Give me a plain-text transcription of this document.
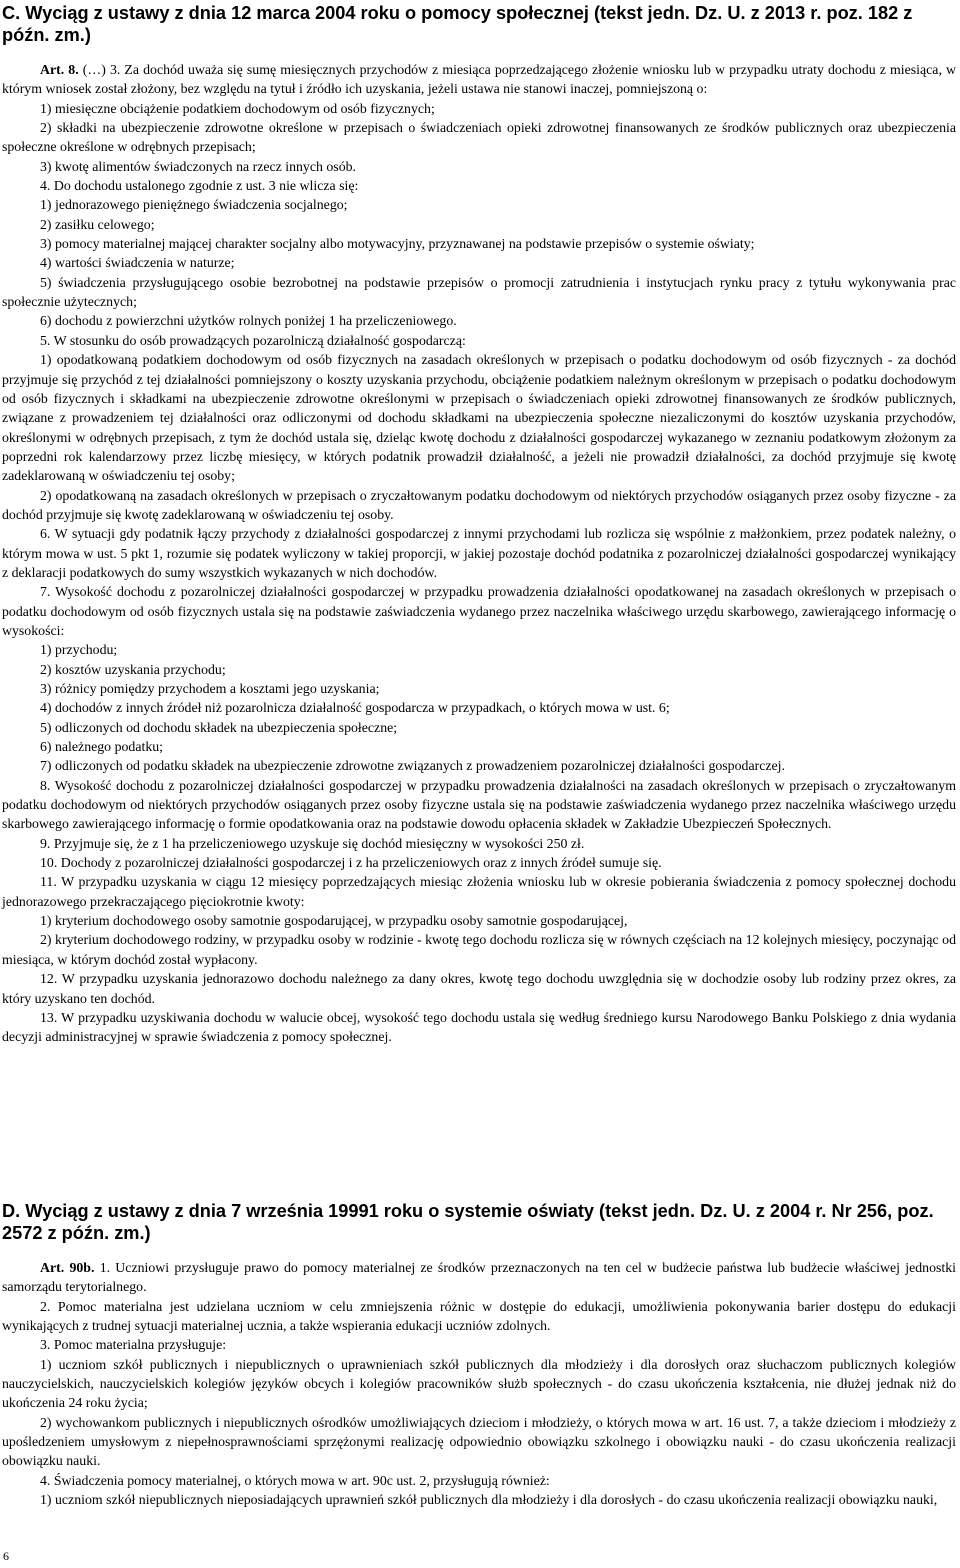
C. Wyciąg z ustawy z dnia 12 marca 2004 roku o pomocy społecznej (tekst jedn. Dz. U. z 2013 r. poz. 182 z późn. zm.)

Art. 8. (…) 3. Za dochód uważa się sumę miesięcznych przychodów z miesiąca poprzedzającego złożenie wniosku lub w przypadku utraty dochodu z miesiąca, w którym wniosek został złożony, bez względu na tytuł i źródło ich uzyskania, jeżeli ustawa nie stanowi inaczej, pomniejszoną o:

1) miesięczne obciążenie podatkiem dochodowym od osób fizycznych;

2) składki na ubezpieczenie zdrowotne określone w przepisach o świadczeniach opieki zdrowotnej finansowanych ze środków publicznych oraz ubezpieczenia społeczne określone w odrębnych przepisach;

3) kwotę alimentów świadczonych na rzecz innych osób.

4. Do dochodu ustalonego zgodnie z ust. 3 nie wlicza się:

1) jednorazowego pieniężnego świadczenia socjalnego;

2) zasiłku celowego;

3) pomocy materialnej mającej charakter socjalny albo motywacyjny, przyznawanej na podstawie przepisów o systemie oświaty;

4) wartości świadczenia w naturze;

5) świadczenia przysługującego osobie bezrobotnej na podstawie przepisów o promocji zatrudnienia i instytucjach rynku pracy z tytułu wykonywania prac społecznie użytecznych;

6) dochodu z powierzchni użytków rolnych poniżej 1 ha przeliczeniowego.

5. W stosunku do osób prowadzących pozarolniczą działalność gospodarczą:

1) opodatkowaną podatkiem dochodowym od osób fizycznych na zasadach określonych w przepisach o podatku dochodowym od osób fizycznych - za dochód przyjmuje się przychód z tej działalności pomniejszony o koszty uzyskania przychodu, obciążenie podatkiem należnym określonym w przepisach o podatku dochodowym od osób fizycznych i składkami na ubezpieczenie zdrowotne określonymi w przepisach o świadczeniach opieki zdrowotnej finansowanych ze środków publicznych, związane z prowadzeniem tej działalności oraz odliczonymi od dochodu składkami na ubezpieczenia społeczne niezaliczonymi do kosztów uzyskania przychodów, określonymi w odrębnych przepisach, z tym że dochód ustala się, dzieląc kwotę dochodu z działalności gospodarczej wykazanego w zeznaniu podatkowym złożonym za poprzedni rok kalendarzowy przez liczbę miesięcy, w których podatnik prowadził działalność, a jeżeli nie prowadził działalności, za dochód przyjmuje się kwotę zadeklarowaną w oświadczeniu tej osoby;

2) opodatkowaną na zasadach określonych w przepisach o zryczałtowanym podatku dochodowym od niektórych przychodów osiąganych przez osoby fizyczne - za dochód przyjmuje się kwotę zadeklarowaną w oświadczeniu tej osoby.

6. W sytuacji gdy podatnik łączy przychody z działalności gospodarczej z innymi przychodami lub rozlicza się wspólnie z małżonkiem, przez podatek należny, o którym mowa w ust. 5 pkt 1, rozumie się podatek wyliczony w takiej proporcji, w jakiej pozostaje dochód podatnika z pozarolniczej działalności gospodarczej wynikający z deklaracji podatkowych do sumy wszystkich wykazanych w nich dochodów.

7. Wysokość dochodu z pozarolniczej działalności gospodarczej w przypadku prowadzenia działalności opodatkowanej na zasadach określonych w przepisach o podatku dochodowym od osób fizycznych ustala się na podstawie zaświadczenia wydanego przez naczelnika właściwego urzędu skarbowego, zawierającego informację o wysokości:

1) przychodu;

2) kosztów uzyskania przychodu;

3) różnicy pomiędzy przychodem a kosztami jego uzyskania;

4) dochodów z innych źródeł niż pozarolnicza działalność gospodarcza w przypadkach, o których mowa w ust. 6;

5) odliczonych od dochodu składek na ubezpieczenia społeczne;

6) należnego podatku;

7) odliczonych od podatku składek na ubezpieczenie zdrowotne związanych z prowadzeniem pozarolniczej działalności gospodarczej.

8. Wysokość dochodu z pozarolniczej działalności gospodarczej w przypadku prowadzenia działalności na zasadach określonych w przepisach o zryczałtowanym podatku dochodowym od niektórych przychodów osiąganych przez osoby fizyczne ustala się na podstawie zaświadczenia wydanego przez naczelnika właściwego urzędu skarbowego zawierającego informację o formie opodatkowania oraz na podstawie dowodu opłacenia składek w Zakładzie Ubezpieczeń Społecznych.

9. Przyjmuje się, że z 1 ha przeliczeniowego uzyskuje się dochód miesięczny w wysokości 250 zł.

10. Dochody z pozarolniczej działalności gospodarczej i z ha przeliczeniowych oraz z innych źródeł sumuje się.

11. W przypadku uzyskania w ciągu 12 miesięcy poprzedzających miesiąc złożenia wniosku lub w okresie pobierania świadczenia z pomocy społecznej dochodu jednorazowego przekraczającego pięciokrotnie kwoty:

1) kryterium dochodowego osoby samotnie gospodarującej, w przypadku osoby samotnie gospodarującej,

2) kryterium dochodowego rodziny, w przypadku osoby w rodzinie - kwotę tego dochodu rozlicza się w równych częściach na 12 kolejnych miesięcy, poczynając od miesiąca, w którym dochód został wypłacony.

12. W przypadku uzyskania jednorazowo dochodu należnego za dany okres, kwotę tego dochodu uwzględnia się w dochodzie osoby lub rodziny przez okres, za który uzyskano ten dochód.

13. W przypadku uzyskiwania dochodu w walucie obcej, wysokość tego dochodu ustala się według średniego kursu Narodowego Banku Polskiego z dnia wydania decyzji administracyjnej w sprawie świadczenia z pomocy społecznej.

D. Wyciąg z ustawy z dnia 7 września 19991 roku o systemie oświaty (tekst jedn. Dz. U. z 2004 r. Nr 256, poz. 2572 z późn. zm.)

Art. 90b. 1. Uczniowi przysługuje prawo do pomocy materialnej ze środków przeznaczonych na ten cel w budżecie państwa lub budżecie właściwej jednostki samorządu terytorialnego.

2. Pomoc materialna jest udzielana uczniom w celu zmniejszenia różnic w dostępie do edukacji, umożliwienia pokonywania barier dostępu do edukacji wynikających z trudnej sytuacji materialnej ucznia, a także wspierania edukacji uczniów zdolnych.

3. Pomoc materialna przysługuje:

1) uczniom szkół publicznych i niepublicznych o uprawnieniach szkół publicznych dla młodzieży i dla dorosłych oraz słuchaczom publicznych kolegiów nauczycielskich, nauczycielskich kolegiów języków obcych i kolegiów pracowników służb społecznych - do czasu ukończenia kształcenia, nie dłużej jednak niż do ukończenia 24 roku życia;

2) wychowankom publicznych i niepublicznych ośrodków umożliwiających dzieciom i młodzieży, o których mowa w art. 16 ust. 7, a także dzieciom i młodzieży z upośledzeniem umysłowym z niepełnosprawnościami sprzężonymi realizację odpowiednio obowiązku szkolnego i obowiązku nauki - do czasu ukończenia realizacji obowiązku nauki.

4. Świadczenia pomocy materialnej, o których mowa w art. 90c ust. 2, przysługują również:

1) uczniom szkół niepublicznych nieposiadających uprawnień szkół publicznych dla młodzieży i dla dorosłych - do czasu ukończenia realizacji obowiązku nauki,

6
